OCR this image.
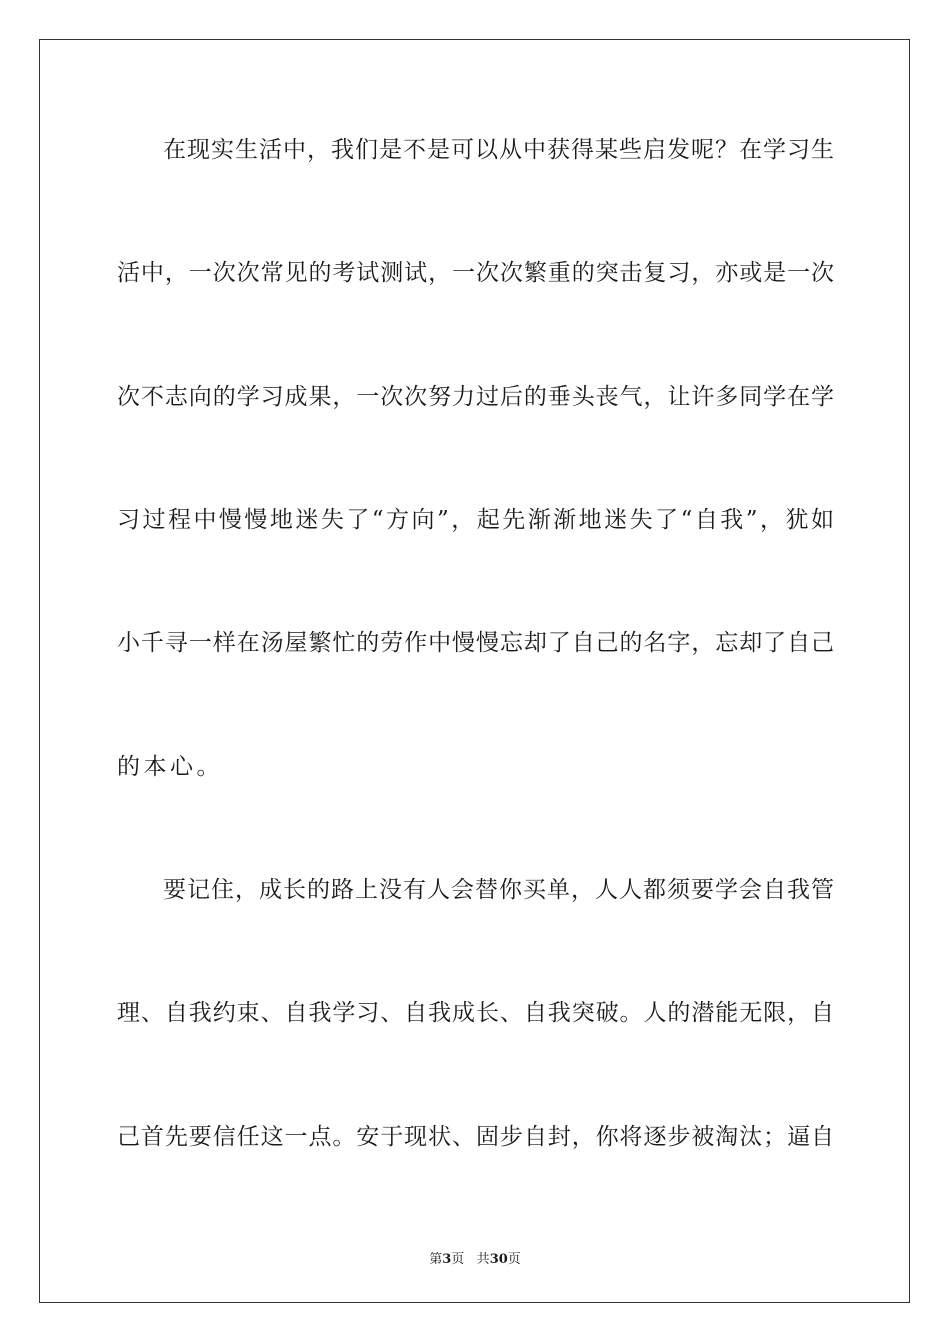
在现实生活中，我们是不是可以从中获得某些启发呢？在学习生

活中，一次次常见的考试测试，一次次繁重的突击复习，亦或是一次

次不志向的学习成果，一次次努力过后的垂头丧气，让许多同学在学

习过程中慢慢地迷失了“方向”，起先渐渐地迷失了“自我”，犹如

小千寻一样在汤屋繁忙的劳作中慢慢忘却了自己的名字，忘却了自己

的本心。

要记住，成长的路上没有人会替你买单，人人都须要学会自我管

理、自我约束、自我学习、自我成长、自我突破。人的潜能无限，自

己首先要信任这一点。安于现状、固步自封，你将逐步被淘汰；逼自

第3页 共30页
